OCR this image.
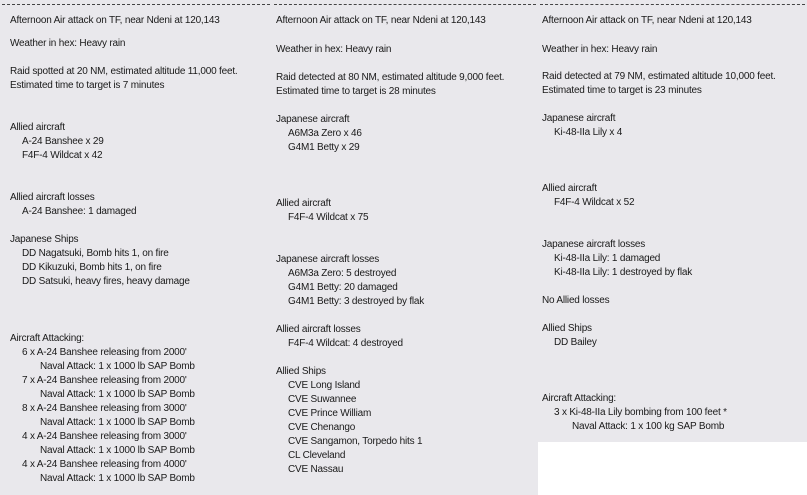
Afternoon Air attack on TF, near Ndeni at 120,143
Weather in hex: Heavy rain
Raid spotted at 20 NM, estimated altitude 11,000 feet.
Estimated time to target is 7 minutes
Allied aircraft
A-24 Banshee x 29
F4F-4 Wildcat x 42
Allied aircraft losses
A-24 Banshee: 1 damaged
Japanese Ships
DD Nagatsuki, Bomb hits 1, on fire
DD Kikuzuki, Bomb hits 1, on fire
DD Satsuki, heavy fires, heavy damage
Aircraft Attacking:
6 x A-24 Banshee releasing from 2000'
Naval Attack: 1 x 1000 lb SAP Bomb
7 x A-24 Banshee releasing from 2000'
Naval Attack: 1 x 1000 lb SAP Bomb
8 x A-24 Banshee releasing from 3000'
Naval Attack: 1 x 1000 lb SAP Bomb
4 x A-24 Banshee releasing from 3000'
Naval Attack: 1 x 1000 lb SAP Bomb
4 x A-24 Banshee releasing from 4000'
Naval Attack: 1 x 1000 lb SAP Bomb
Afternoon Air attack on TF, near Ndeni at 120,143
Weather in hex: Heavy rain
Raid detected at 80 NM, estimated altitude 9,000 feet.
Estimated time to target is 28 minutes
Japanese aircraft
A6M3a Zero x 46
G4M1 Betty x 29
Allied aircraft
F4F-4 Wildcat x 75
Japanese aircraft losses
A6M3a Zero: 5 destroyed
G4M1 Betty: 20 damaged
G4M1 Betty: 3 destroyed by flak
Allied aircraft losses
F4F-4 Wildcat: 4 destroyed
Allied Ships
CVE Long Island
CVE Suwannee
CVE Prince William
CVE Chenango
CVE Sangamon, Torpedo hits 1
CL Cleveland
CVE Nassau
Afternoon Air attack on TF, near Ndeni at 120,143
Weather in hex: Heavy rain
Raid detected at 79 NM, estimated altitude 10,000 feet.
Estimated time to target is 23 minutes
Japanese aircraft
Ki-48-IIa Lily x 4
Allied aircraft
F4F-4 Wildcat x 52
Japanese aircraft losses
Ki-48-IIa Lily: 1 damaged
Ki-48-IIa Lily: 1 destroyed by flak
No Allied losses
Allied Ships
DD Bailey
Aircraft Attacking:
3 x Ki-48-IIa Lily bombing from 100 feet *
Naval Attack: 1 x 100 kg SAP Bomb
